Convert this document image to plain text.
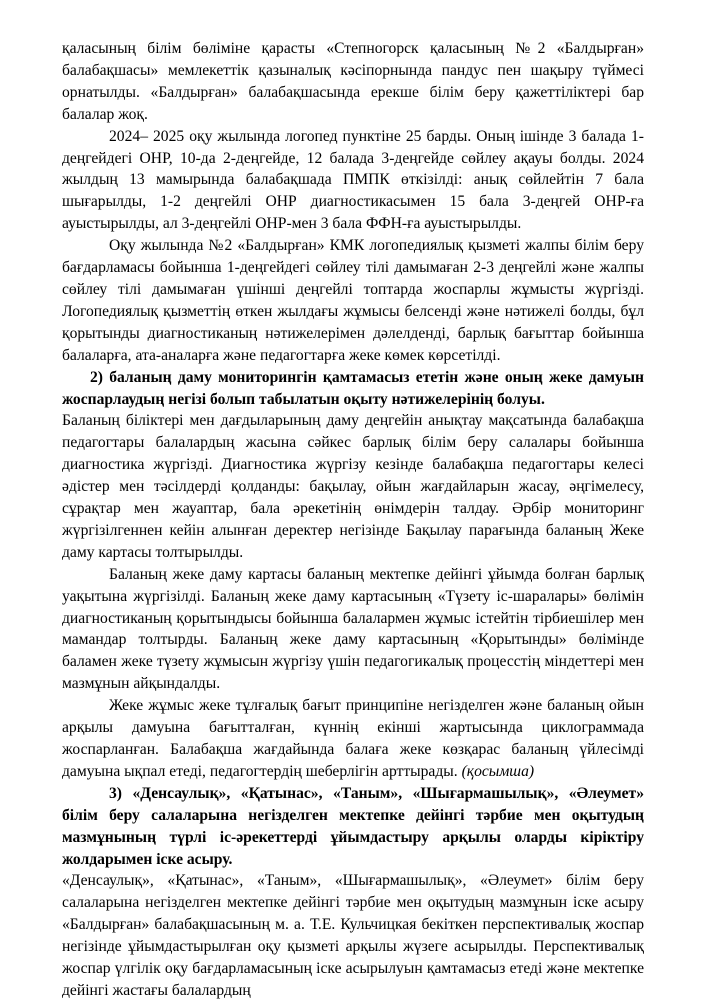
қаласының білім бөліміне қарасты «Степногорск қаласының №2 «Балдырған» балабақшасы» мемлекеттік қазыналық кәсіпорнында пандус пен шақыру түймесі орнатылды. «Балдырған» балабақшасында ерекше білім беру қажеттіліктері бар балалар жоқ.

2024– 2025 оқу жылында логопед пунктіне 25 барды. Оның ішінде 3 балада 1-деңгейдегі ОНР, 10-да 2-деңгейде, 12 балада 3-деңгейде сөйлеу ақауы болды. 2024 жылдың 13 мамырында балабақшада ПМПК өткізілді: анық сөйлейтін 7 бала шығарылды, 1-2 деңгейлі ОНР диагностикасымен 15 бала 3-деңгей ОНР-ға ауыстырылды, ал 3-деңгейлі ОНР-мен 3 бала ФФН-ға ауыстырылды.

Оқу жылында №2 «Балдырған» КМК логопедиялық қызметі жалпы білім беру бағдарламасы бойынша 1-деңгейдегі сөйлеу тілі дамымаған 2-3 деңгейлі және жалпы сөйлеу тілі дамымаған үшінші деңгейлі топтарда жоспарлы жұмысты жүргізді. Логопедиялық қызметтің өткен жылдағы жұмысы белсенді және нәтижелі болды, бұл қорытынды диагностиканың нәтижелерімен дәлелденді, барлық бағыттар бойынша балаларға, ата-аналарға және педагогтарға жеке көмек көрсетілді.

2) баланың даму мониторингін қамтамасыз ететін және оның жеке дамуын жоспарлаудың негізі болып табылатын оқыту нәтижелерінің болуы.

Баланың біліктері мен дағдыларының даму деңгейін анықтау мақсатында балабақша педагогтары балалардың жасына сәйкес барлық білім беру салалары бойынша диагностика жүргізді. Диагностика жүргізу кезінде балабақша педагогтары келесі әдістер мен тәсілдерді қолданды: бақылау, ойын жағдайларын жасау, әңгімелесу, сұрақтар мен жауаптар, бала әрекетінің өнімдерін талдау. Әрбір мониторинг жүргізілгеннен кейін алынған деректер негізінде Бақылау парағында баланың Жеке даму картасы толтырылды.

Баланың жеке даму картасы баланың мектепке дейінгі ұйымда болған барлық уақытына жүргізілді. Баланың жеке даму картасының «Түзету іс-шаралары» бөлімін диагностиканың қорытындысы бойынша балалармен жұмыс істейтін тірбиешілер мен мамандар толтырды. Баланың жеке даму картасының «Қорытынды» бөлімінде баламен жеке түзету жұмысын жүргізу үшін педагогикалық процесстің міндеттері мен мазмұнын айқындалды.

Жеке жұмыс жеке тұлғалық бағыт принципіне негізделген және баланың ойын арқылы дамуына бағытталған, күннің екінші жартысында циклограммада жоспарланған. Балабақша жағдайында балаға жеке көзқарас баланың үйлесімді дамуына ықпал етеді, педагогтердің шеберлігін арттырады. (қосымша)

3) «Денсаулық», «Қатынас», «Таным», «Шығармашылық», «Әлеумет» білім беру салаларына негізделген мектепке дейінгі тәрбие мен оқытудың мазмұнының түрлі іс-әрекеттерді ұйымдастыру арқылы оларды кіріктіру жолдарымен іске асыру.

«Денсаулық», «Қатынас», «Таным», «Шығармашылық», «Әлеумет» білім беру салаларына негізделген мектепке дейінгі тәрбие мен оқытудың мазмұнын іске асыру «Балдырған» балабақшасының м. а. Т.Е. Кульчицкая бекіткен перспективалық жоспар негізінде ұйымдастырылған оқу қызметі арқылы жүзеге асырылды. Перспективалық жоспар үлгілік оқу бағдарламасының іске асырылуын қамтамасыз етеді және мектепке дейінгі жастағы балалардың
